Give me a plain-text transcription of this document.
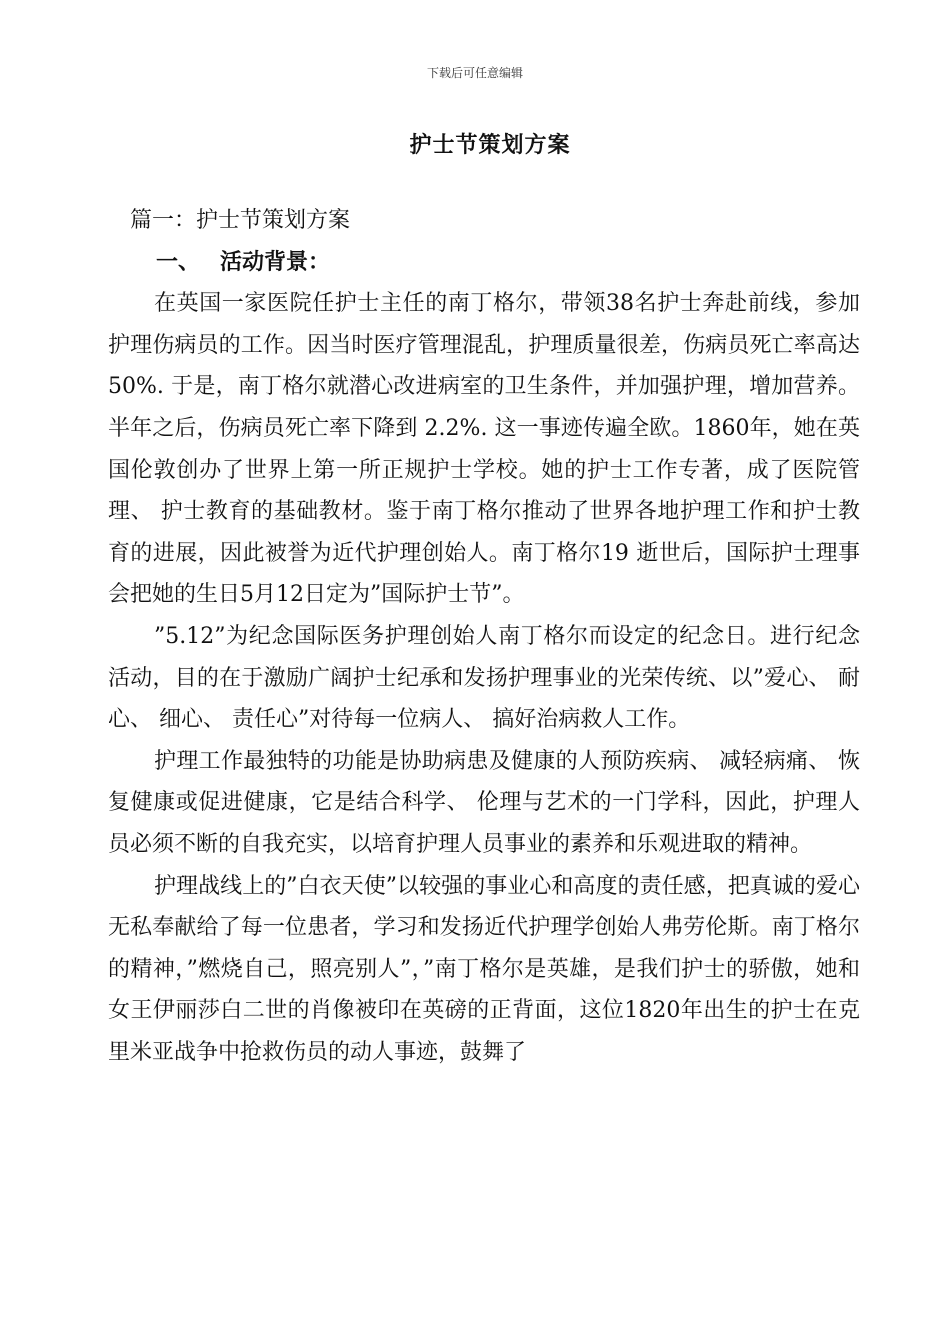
下载后可任意编辑
护士节策划方案

篇一：护士节策划方案

一、 活动背景：

在英国一家医院任护士主任的南丁格尔，带领38名护士奔赴前线，参加护理伤病员的工作。因当时医疗管理混乱，护理质量很差，伤病员死亡率高达50%. 于是，南丁格尔就潜心改进病室的卫生条件，并加强护理，增加营养。半年之后，伤病员死亡率下降到 2.2%. 这一事迹传遍全欧。1860年，她在英国伦敦创办了世界上第一所正规护士学校。她的护士工作专著，成了医院管理、 护士教育的基础教材。鉴于南丁格尔推动了世界各地护理工作和护士教育的进展，因此被誉为近代护理创始人。南丁格尔19 逝世后，国际护士理事会把她的生日5月12日定为”国际护士节”。

”5.12”为纪念国际医务护理创始人南丁格尔而设定的纪念日。进行纪念活动，目的在于激励广阔护士纪承和发扬护理事业的光荣传统、以”爱心、 耐心、 细心、 责任心”对待每一位病人、 搞好治病救人工作。

护理工作最独特的功能是协助病患及健康的人预防疾病、 减轻病痛、 恢复健康或促进健康，它是结合科学、 伦理与艺术的一门学科，因此，护理人员必须不断的自我充实，以培育护理人员事业的素养和乐观进取的精神。

护理战线上的”白衣天使”以较强的事业心和高度的责任感，把真诚的爱心无私奉献给了每一位患者，学习和发扬近代护理学创始人弗劳伦斯。南丁格尔的精神，”燃烧自己，照亮别人”，”南丁格尔是英雄，是我们护士的骄傲，她和女王伊丽莎白二世的肖像被印在英磅的正背面，这位1820年出生的护士在克里米亚战争中抢救伤员的动人事迹，鼓舞了
